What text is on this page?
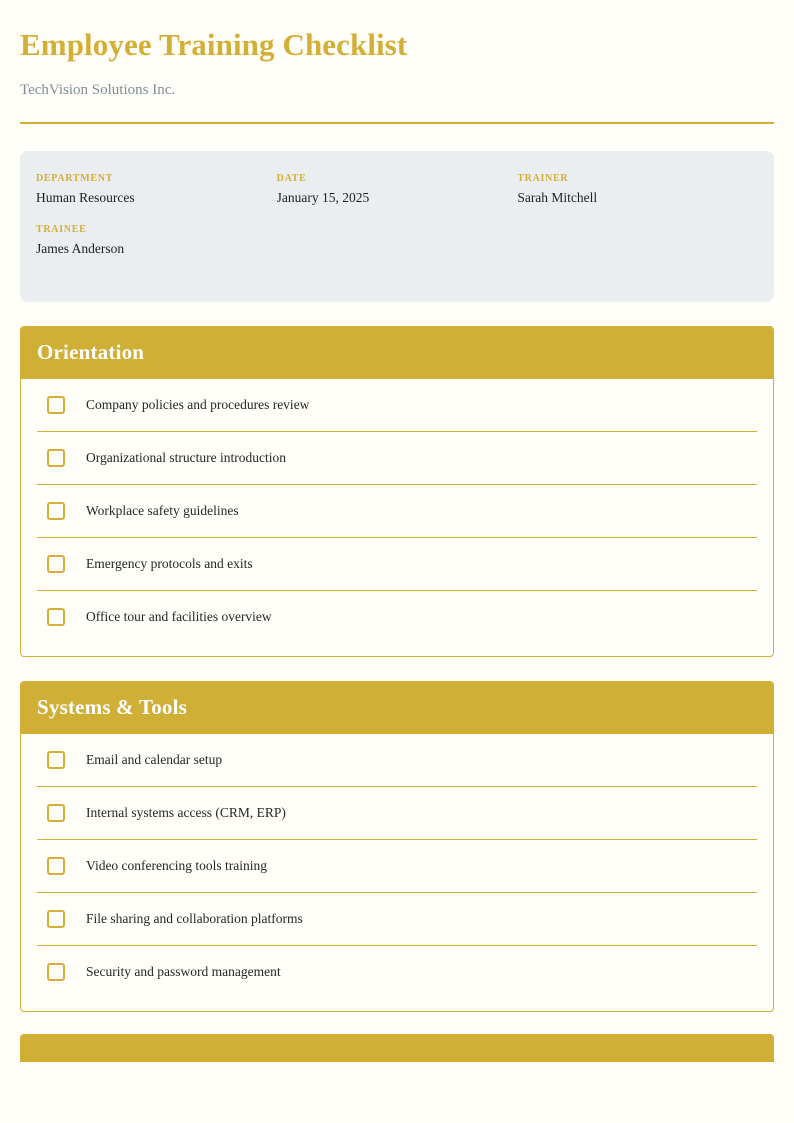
Employee Training Checklist
TechVision Solutions Inc.
DEPARTMENT
Human Resources
DATE
January 15, 2025
TRAINER
Sarah Mitchell
TRAINEE
James Anderson
Orientation
Company policies and procedures review
Organizational structure introduction
Workplace safety guidelines
Emergency protocols and exits
Office tour and facilities overview
Systems & Tools
Email and calendar setup
Internal systems access (CRM, ERP)
Video conferencing tools training
File sharing and collaboration platforms
Security and password management
